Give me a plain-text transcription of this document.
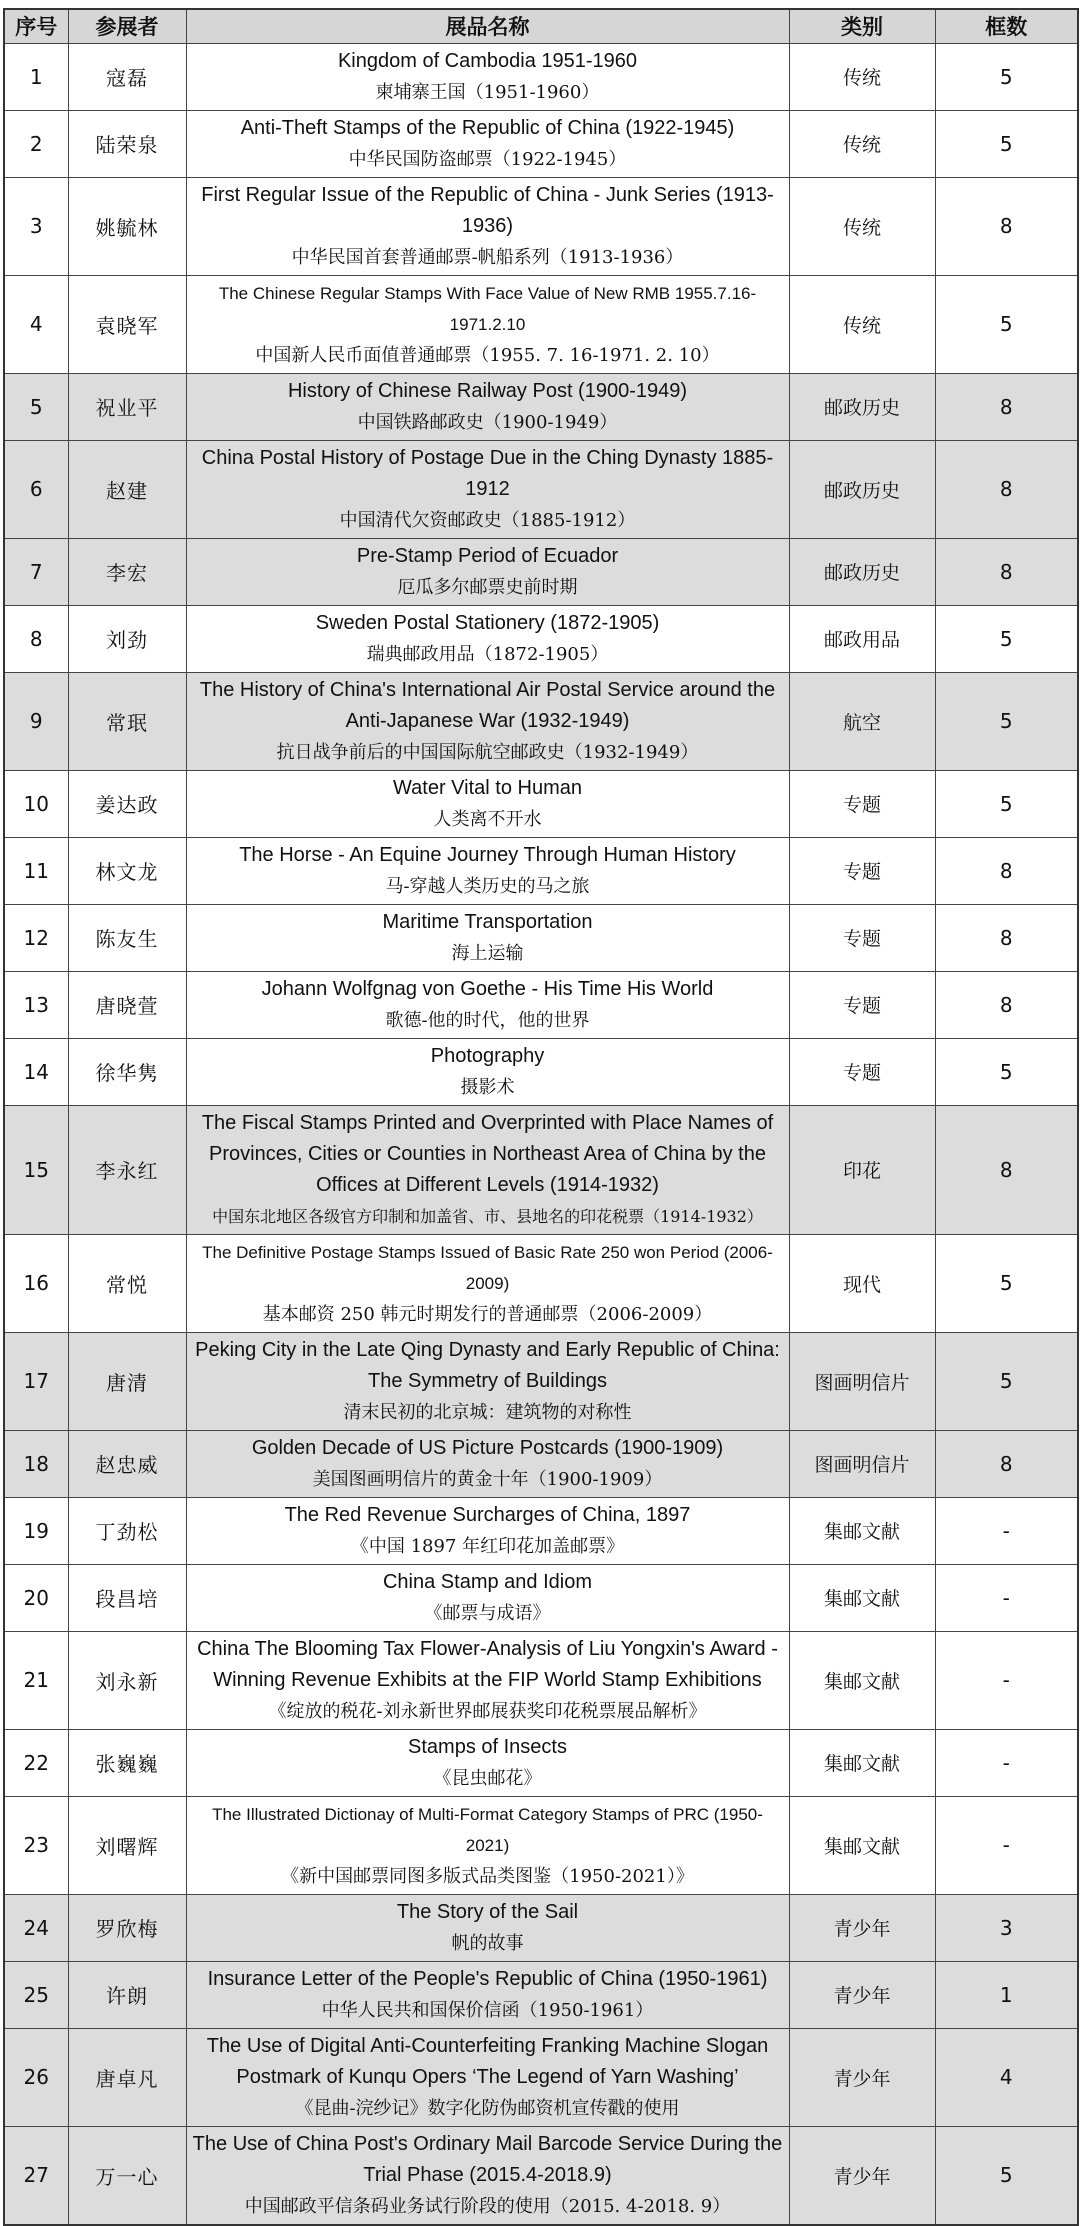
序号	参展者	展品名称	类别	框数
1	寇磊	Kingdom of Cambodia 1951-1960
柬埔寨王国（1951-1960）	传统	5
2	陆荣泉	Anti-Theft Stamps of the Republic of China (1922-1945)
中华民国防盗邮票（1922-1945）	传统	5
3	姚毓林	First Regular Issue of the Republic of China - Junk Series (1913-1936)
中华民国首套普通邮票-帆船系列（1913-1936）	传统	8
4	袁晓军	The Chinese Regular Stamps With Face Value of New RMB 1955.7.16-1971.2.10
中国新人民币面值普通邮票（1955. 7. 16-1971. 2. 10）	传统	5
5	祝业平	History of Chinese Railway Post (1900-1949)
中国铁路邮政史（1900-1949）	邮政历史	8
6	赵建	China Postal History of Postage Due in the Ching Dynasty 1885-1912
中国清代欠资邮政史（1885-1912）	邮政历史	8
7	李宏	Pre-Stamp Period of Ecuador
厄瓜多尔邮票史前时期	邮政历史	8
8	刘劲	Sweden Postal Stationery (1872-1905)
瑞典邮政用品（1872-1905）	邮政用品	5
9	常珉	The History of China's International Air Postal Service around the
Anti-Japanese War (1932-1949)
抗日战争前后的中国国际航空邮政史（1932-1949）	航空	5
10	姜达政	Water Vital to Human
人类离不开水	专题	5
11	林文龙	The Horse - An Equine Journey Through Human History
马-穿越人类历史的马之旅	专题	8
12	陈友生	Maritime Transportation
海上运输	专题	8
13	唐晓萱	Johann Wolfgnag von Goethe - His Time His World
歌德-他的时代，他的世界	专题	8
14	徐华隽	Photography
摄影术	专题	5
15	李永红	The Fiscal Stamps Printed and Overprinted with Place Names of
Provinces, Cities or Counties in Northeast Area of China by the
Offices at Different Levels (1914-1932)
中国东北地区各级官方印制和加盖省、市、县地名的印花税票（1914-1932）	印花	8
16	常悦	The Definitive Postage Stamps Issued of Basic Rate 250 won Period (2006-2009)
基本邮资 250 韩元时期发行的普通邮票（2006-2009）	现代	5
17	唐清	Peking City in the Late Qing Dynasty and Early Republic of China:
The Symmetry of Buildings
清末民初的北京城：建筑物的对称性	图画明信片	5
18	赵忠威	Golden Decade of US Picture Postcards (1900-1909)
美国图画明信片的黄金十年（1900-1909）	图画明信片	8
19	丁劲松	The Red Revenue Surcharges of China, 1897
《中国 1897 年红印花加盖邮票》	集邮文献	-
20	段昌培	China Stamp and Idiom
《邮票与成语》	集邮文献	-
21	刘永新	China The Blooming Tax Flower-Analysis of Liu Yongxin's Award -
Winning Revenue Exhibits at the FIP World Stamp Exhibitions
《绽放的税花-刘永新世界邮展获奖印花税票展品解析》	集邮文献	-
22	张巍巍	Stamps of Insects
《昆虫邮花》	集邮文献	-
23	刘曙辉	The Illustrated Dictionay of Multi-Format Category Stamps of PRC (1950-2021)
《新中国邮票同图多版式品类图鉴（1950-2021）》	集邮文献	-
24	罗欣梅	The Story of the Sail
帆的故事	青少年	3
25	许朗	Insurance Letter of the People's Republic of China (1950-1961)
中华人民共和国保价信函（1950-1961）	青少年	1
26	唐卓凡	The Use of Digital Anti-Counterfeiting Franking Machine Slogan
Postmark of Kunqu Opers ‘The Legend of Yarn Washing’
《昆曲-浣纱记》数字化防伪邮资机宣传戳的使用	青少年	4
27	万一心	The Use of China Post's Ordinary Mail Barcode Service During the
Trial Phase (2015.4-2018.9)
中国邮政平信条码业务试行阶段的使用（2015. 4-2018. 9）	青少年	5
